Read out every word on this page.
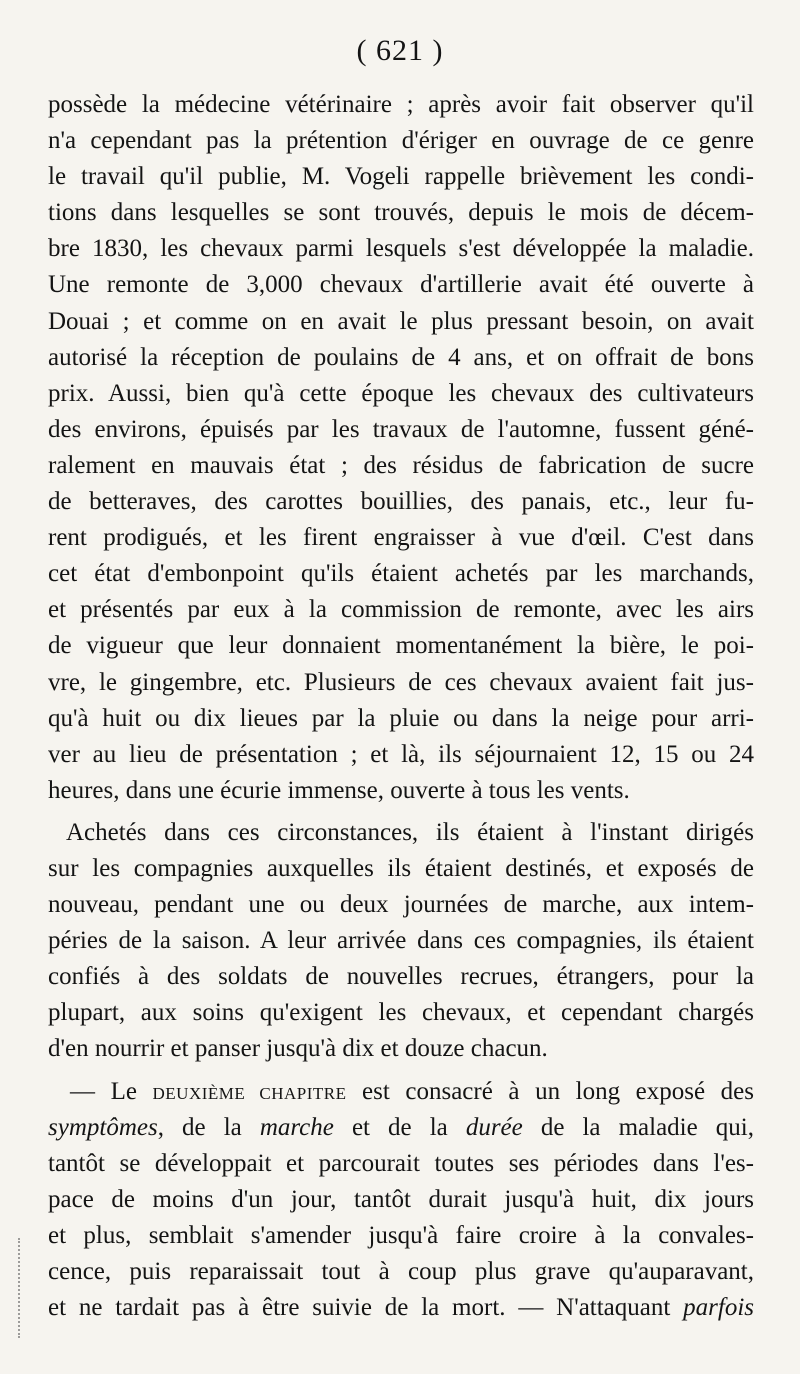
( 621 )
possède la médecine vétérinaire ; après avoir fait observer qu'il
n'a cependant pas la prétention d'ériger en ouvrage de ce genre
le travail qu'il publie, M. Vogeli rappelle brièvement les condi-
tions dans lesquelles se sont trouvés, depuis le mois de décem-
bre 1830, les chevaux parmi lesquels s'est développée la maladie.
Une remonte de 3,000 chevaux d'artillerie avait été ouverte à
Douai ; et comme on en avait le plus pressant besoin, on avait
autorisé la réception de poulains de 4 ans, et on offrait de bons
prix. Aussi, bien qu'à cette époque les chevaux des cultivateurs
des environs, épuisés par les travaux de l'automne, fussent géné-
ralement en mauvais état ; des résidus de fabrication de sucre
de betteraves, des carottes bouillies, des panais, etc., leur fu-
rent prodigués, et les firent engraisser à vue d'œil. C'est dans
cet état d'embonpoint qu'ils étaient achetés par les marchands,
et présentés par eux à la commission de remonte, avec les airs
de vigueur que leur donnaient momentanément la bière, le poi-
vre, le gingembre, etc. Plusieurs de ces chevaux avaient fait jus-
qu'à huit ou dix lieues par la pluie ou dans la neige pour arri-
ver au lieu de présentation ; et là, ils séjournaient 12, 15 ou 24
heures, dans une écurie immense, ouverte à tous les vents.
Achetés dans ces circonstances, ils étaient à l'instant dirigés
sur les compagnies auxquelles ils étaient destinés, et exposés de
nouveau, pendant une ou deux journées de marche, aux intem-
péries de la saison. A leur arrivée dans ces compagnies, ils étaient
confiés à des soldats de nouvelles recrues, étrangers, pour la
plupart, aux soins qu'exigent les chevaux, et cependant chargés
d'en nourrir et panser jusqu'à dix et douze chacun.
— Le DEUXIÈME CHAPITRE est consacré à un long exposé des
symptômes, de la marche et de la durée de la maladie qui,
tantôt se développait et parcourait toutes ses périodes dans l'es-
pace de moins d'un jour, tantôt durait jusqu'à huit, dix jours
et plus, semblait s'amender jusqu'à faire croire à la convales-
cence, puis reparaissait tout à coup plus grave qu'auparavant,
et ne tardait pas à être suivie de la mort. — N'attaquant parfois
